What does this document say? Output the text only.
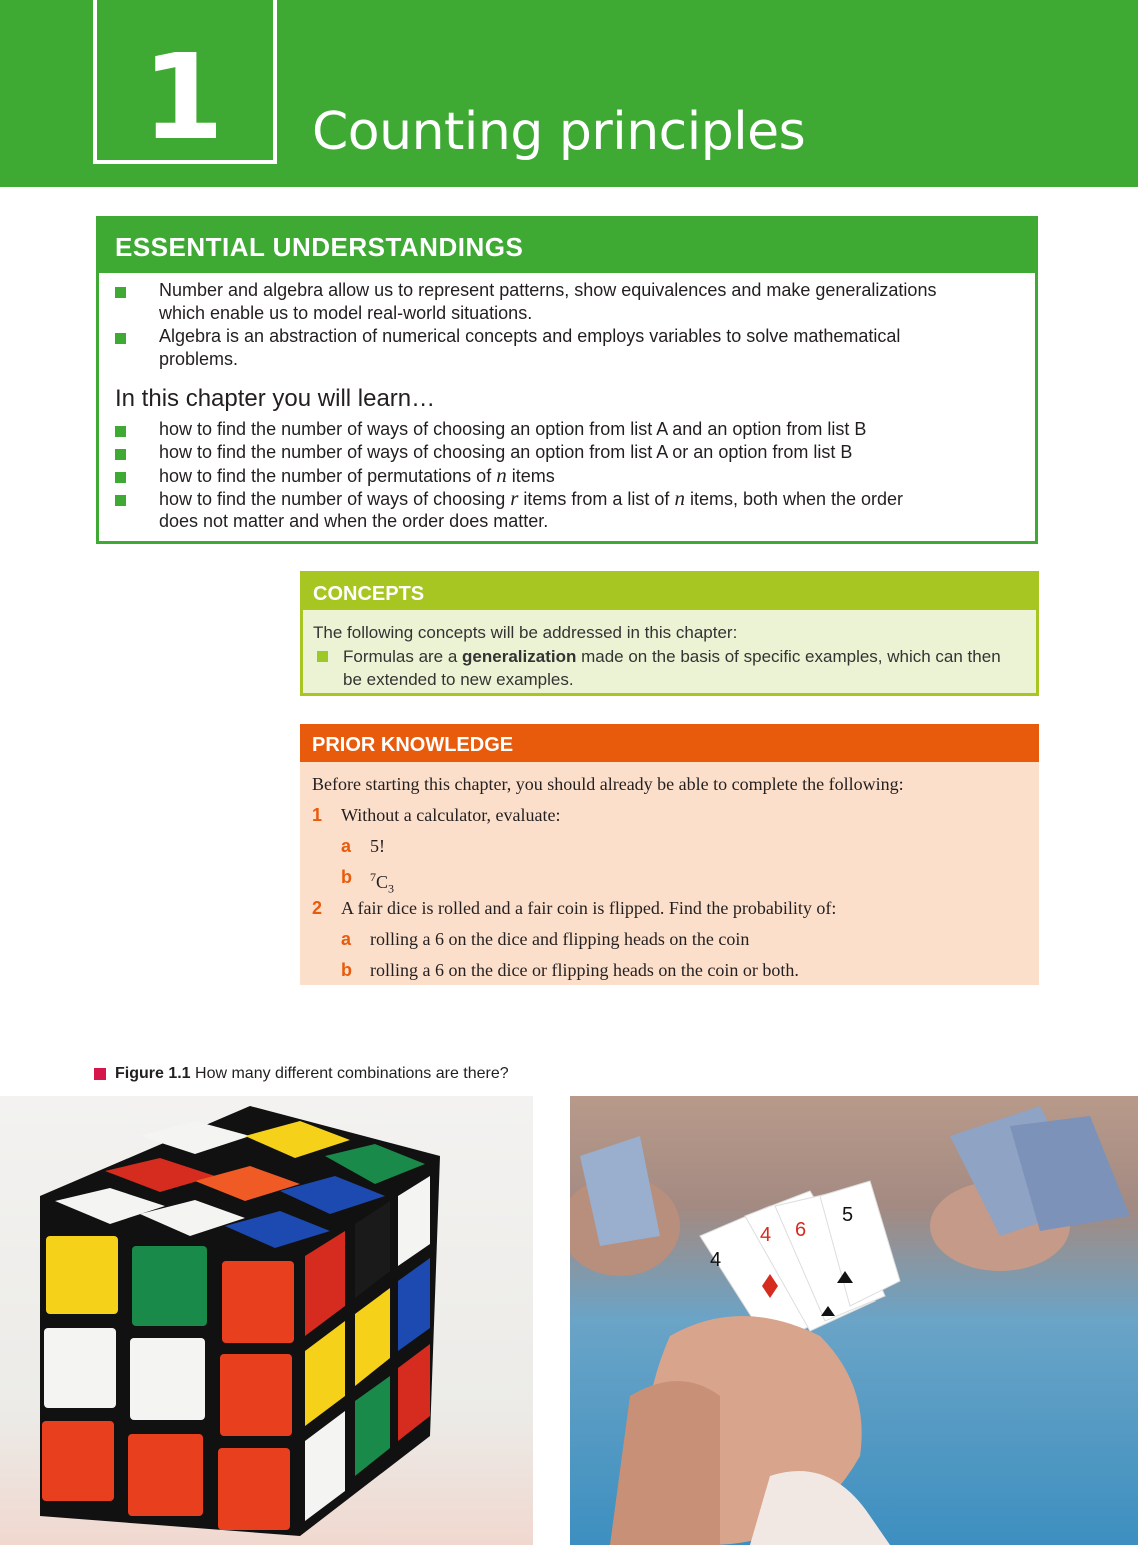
1	Counting principles
ESSENTIAL UNDERSTANDINGS
Number and algebra allow us to represent patterns, show equivalences and make generalizations
which enable us to model real-world situations.
Algebra is an abstraction of numerical concepts and employs variables to solve mathematical
problems.
In this chapter you will learn…
how to find the number of ways of choosing an option from list A and an option from list B
how to find the number of ways of choosing an option from list A or an option from list B
how to find the number of permutations of n items
how to find the number of ways of choosing r items from a list of n items, both when the order
does not matter and when the order does matter.
CONCEPTS
The following concepts will be addressed in this chapter:
Formulas are a generalization made on the basis of specific examples, which can then be extended to new examples.
PRIOR KNOWLEDGE
Before starting this chapter, you should already be able to complete the following:
1 Without a calculator, evaluate:
a 5!
b $^7C_3$
2 A fair dice is rolled and a fair coin is flipped. Find the probability of:
a rolling a 6 on the dice and flipping heads on the coin
b rolling a 6 on the dice or flipping heads on the coin or both.
Figure 1.1 How many different combinations are there?
4
4 6
5
